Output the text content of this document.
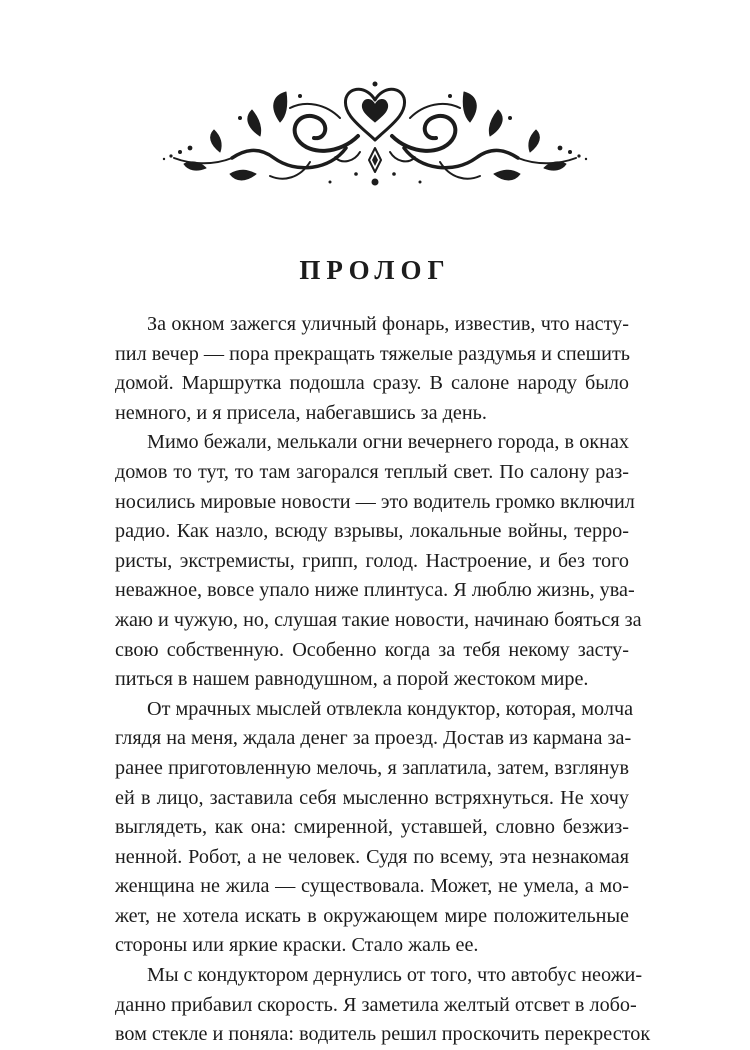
ПРОЛОГ

За окном зажегся уличный фонарь, известив, что насту-
пил вечер — пора прекращать тяжелые раздумья и спешить
домой. Маршрутка подошла сразу. В салоне народу было
немного, и я присела, набегавшись за день.

Мимо бежали, мелькали огни вечернего города, в окнах
домов то тут, то там загорался теплый свет. По салону раз-
носились мировые новости — это водитель громко включил
радио. Как назло, всюду взрывы, локальные войны, терро-
ристы, экстремисты, грипп, голод. Настроение, и без того
неважное, вовсе упало ниже плинтуса. Я люблю жизнь, ува-
жаю и чужую, но, слушая такие новости, начинаю бояться за
свою собственную. Особенно когда за тебя некому засту-
питься в нашем равнодушном, а порой жестоком мире.

От мрачных мыслей отвлекла кондуктор, которая, молча
глядя на меня, ждала денег за проезд. Достав из кармана за-
ранее приготовленную мелочь, я заплатила, затем, взглянув
ей в лицо, заставила себя мысленно встряхнуться. Не хочу
выглядеть, как она: смиренной, уставшей, словно безжиз-
ненной. Робот, а не человек. Судя по всему, эта незнакомая
женщина не жила — существовала. Может, не умела, а мо-
жет, не хотела искать в окружающем мире положительные
стороны или яркие краски. Стало жаль ее.

Мы с кондуктором дернулись от того, что автобус неожи-
данно прибавил скорость. Я заметила желтый отсвет в лобо-
вом стекле и поняла: водитель решил проскочить перекресток
